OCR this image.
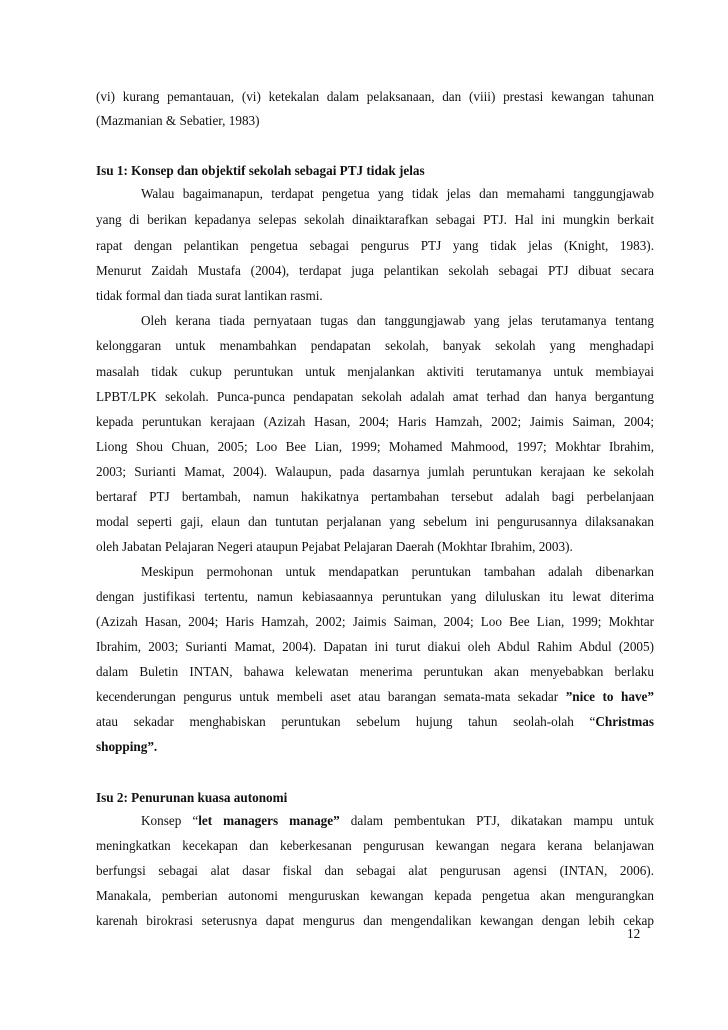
(vi) kurang pemantauan, (vi) ketekalan dalam pelaksanaan, dan (viii) prestasi kewangan tahunan
(Mazmanian & Sebatier, 1983)
Isu 1: Konsep dan objektif sekolah sebagai PTJ tidak jelas
Walau bagaimanapun, terdapat pengetua yang tidak jelas dan memahami tanggungjawab
yang di berikan kepadanya selepas sekolah dinaiktarafkan sebagai PTJ. Hal ini mungkin berkait
rapat dengan pelantikan pengetua sebagai pengurus PTJ yang tidak jelas (Knight, 1983).
Menurut Zaidah Mustafa (2004), terdapat juga pelantikan sekolah sebagai PTJ dibuat secara
tidak formal dan tiada surat lantikan rasmi.
Oleh kerana tiada pernyataan tugas dan tanggungjawab yang jelas terutamanya tentang
kelonggaran untuk menambahkan pendapatan sekolah, banyak sekolah yang menghadapi
masalah tidak cukup peruntukan untuk menjalankan aktiviti terutamanya untuk membiayai
LPBT/LPK sekolah. Punca-punca pendapatan sekolah adalah amat terhad dan hanya bergantung
kepada peruntukan kerajaan (Azizah Hasan, 2004; Haris Hamzah, 2002; Jaimis Saiman, 2004;
Liong Shou Chuan, 2005; Loo Bee Lian, 1999; Mohamed Mahmood, 1997; Mokhtar Ibrahim,
2003; Surianti Mamat, 2004). Walaupun, pada dasarnya jumlah peruntukan kerajaan ke sekolah
bertaraf PTJ bertambah, namun hakikatnya pertambahan tersebut adalah bagi perbelanjaan
modal seperti gaji, elaun dan tuntutan perjalanan yang sebelum ini pengurusannya dilaksanakan
oleh Jabatan Pelajaran Negeri ataupun Pejabat Pelajaran Daerah (Mokhtar Ibrahim, 2003).
Meskipun permohonan untuk mendapatkan peruntukan tambahan adalah dibenarkan
dengan justifikasi tertentu, namun kebiasaannya peruntukan yang diluluskan itu lewat diterima
(Azizah Hasan, 2004; Haris Hamzah, 2002; Jaimis Saiman, 2004; Loo Bee Lian, 1999; Mokhtar
Ibrahim, 2003; Surianti Mamat, 2004). Dapatan ini turut diakui oleh Abdul Rahim Abdul (2005)
dalam Buletin INTAN, bahawa kelewatan menerima peruntukan akan menyebabkan berlaku
kecenderungan pengurus untuk membeli aset atau barangan semata-mata sekadar ”nice to have”
atau sekadar menghabiskan peruntukan sebelum hujung tahun seolah-olah “Christmas
shopping”.
Isu 2: Penurunan kuasa autonomi
Konsep “let managers manage” dalam pembentukan PTJ, dikatakan mampu untuk
meningkatkan kecekapan dan keberkesanan pengurusan kewangan negara kerana belanjawan
berfungsi sebagai alat dasar fiskal dan sebagai alat pengurusan agensi (INTAN, 2006).
Manakala, pemberian autonomi menguruskan kewangan kepada pengetua akan mengurangkan
karenah birokrasi seterusnya dapat mengurus dan mengendalikan kewangan dengan lebih cekap
12
